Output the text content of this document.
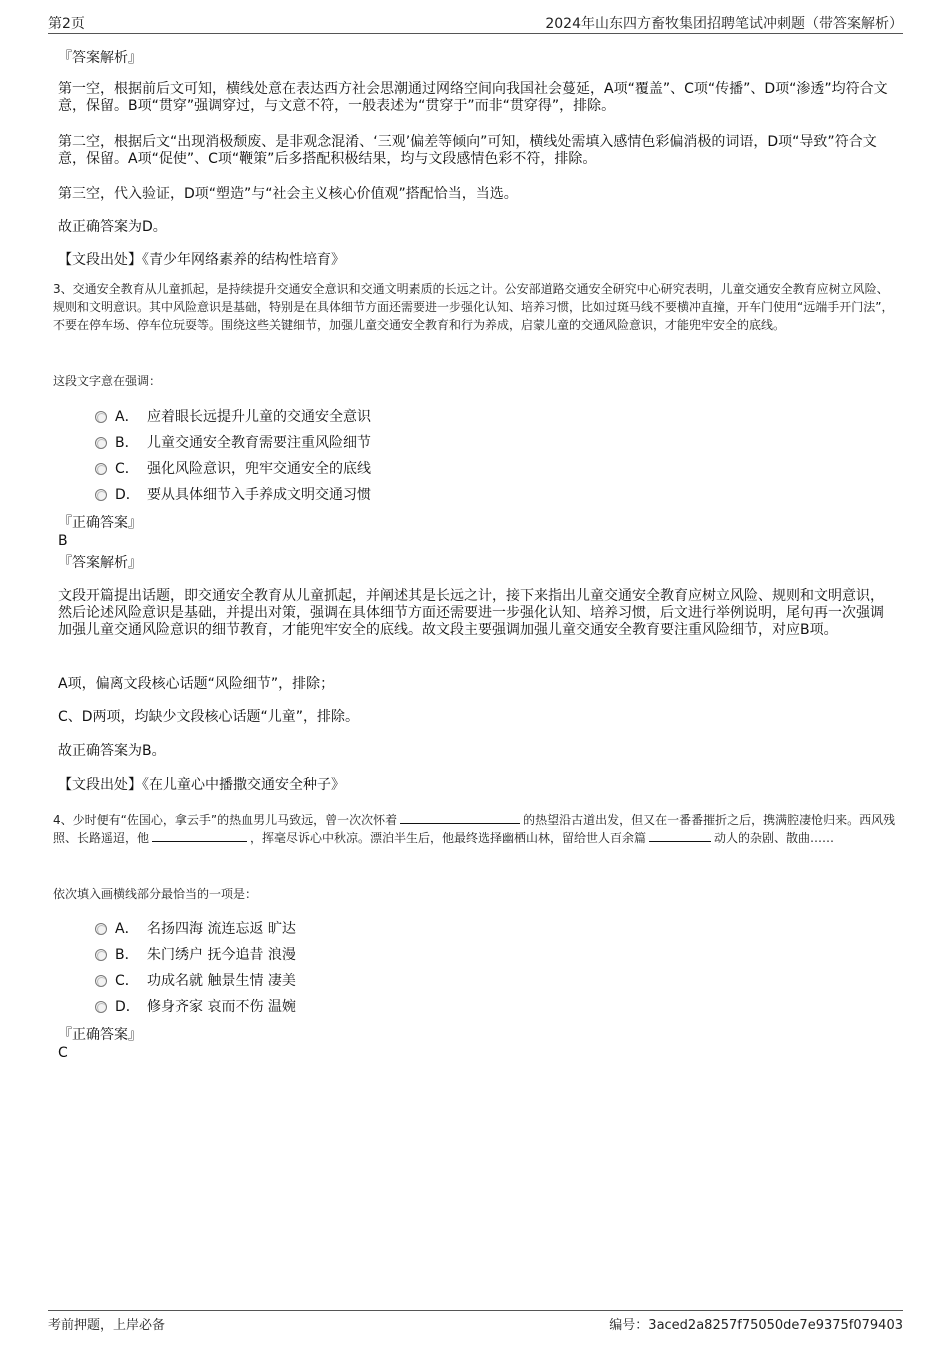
第2页	2024年山东四方畜牧集团招聘笔试冲刺题（带答案解析）
『答案解析』
第一空，根据前后文可知，横线处意在表达西方社会思潮通过网络空间向我国社会蔓延，A项“覆盖”、C项“传播”、D项“渗透”均符合文意，保留。B项“贯穿”强调穿过，与文意不符，一般表述为“贯穿于”而非“贯穿得”，排除。
第二空，根据后文“出现消极颓废、是非观念混淆、‘三观’偏差等倾向”可知，横线处需填入感情色彩偏消极的词语，D项“导致”符合文意，保留。A项“促使”、C项“鞭策”后多搭配积极结果，均与文段感情色彩不符，排除。
第三空，代入验证，D项“塑造”与“社会主义核心价值观”搭配恰当，当选。
故正确答案为D。
【文段出处】《青少年网络素养的结构性培育》
3、交通安全教育从儿童抓起，是持续提升交通安全意识和交通文明素质的长远之计。公安部道路交通安全研究中心研究表明，儿童交通安全教育应树立风险、规则和文明意识。其中风险意识是基础，特别是在具体细节方面还需要进一步强化认知、培养习惯，比如过斑马线不要横冲直撞，开车门使用“远端手开门法”，不要在停车场、停车位玩耍等。围绕这些关键细节，加强儿童交通安全教育和行为养成，启蒙儿童的交通风险意识，才能兜牢安全的底线。
这段文字意在强调：
A． 应着眼长远提升儿童的交通安全意识
B． 儿童交通安全教育需要注重风险细节
C． 强化风险意识，兜牢交通安全的底线
D． 要从具体细节入手养成文明交通习惯
『正确答案』
B
『答案解析』
文段开篇提出话题，即交通安全教育从儿童抓起，并阐述其是长远之计，接下来指出儿童交通安全教育应树立风险、规则和文明意识，然后论述风险意识是基础，并提出对策，强调在具体细节方面还需要进一步强化认知、培养习惯，后文进行举例说明，尾句再一次强调加强儿童交通风险意识的细节教育，才能兜牢安全的底线。故文段主要强调加强儿童交通安全教育要注重风险细节，对应B项。
A项，偏离文段核心话题“风险细节”，排除；
C、D两项，均缺少文段核心话题“儿童”，排除。
故正确答案为B。
【文段出处】《在儿童心中播撒交通安全种子》
4、少时便有“佐国心，拿云手”的热血男儿马致远，曾一次次怀着	的热望沿古道出发，但又在一番番摧折之后，携满腔凄怆归来。西风残照、长路遥迢，他	，挥毫尽诉心中秋凉。漂泊半生后，他最终选择幽栖山林，留给世人百余篇	动人的杂剧、散曲……
依次填入画横线部分最恰当的一项是：
A． 名扬四海 流连忘返 旷达
B． 朱门绣户 抚今追昔 浪漫
C． 功成名就 触景生情 凄美
D． 修身齐家 哀而不伤 温婉
『正确答案』
C
考前押题，上岸必备	编号：3aced2a8257f75050de7e9375f079403
